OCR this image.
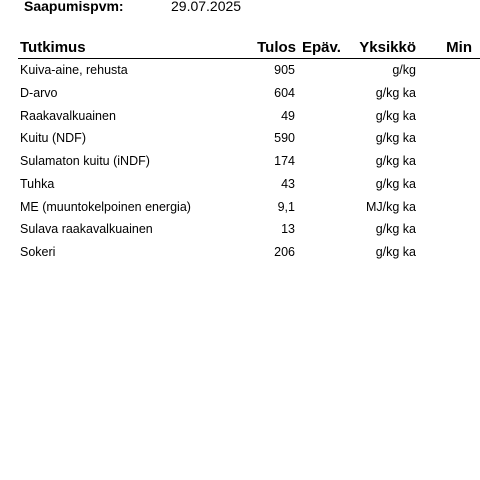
Saapumispvm:	29.07.2025
Tutkimus	Tulos Epäv. Yksikkö Min
Kuiva-aine, rehusta	905	g/kg
D-arvo	604	g/kg ka
Raakavalkuainen	49	g/kg ka
Kuitu (NDF)	590	g/kg ka
Sulamaton kuitu (iNDF)	174	g/kg ka
Tuhka	43	g/kg ka
ME (muuntokelpoinen energia)	9,1	MJ/kg ka
Sulava raakavalkuainen	13	g/kg ka
Sokeri	206	g/kg ka
